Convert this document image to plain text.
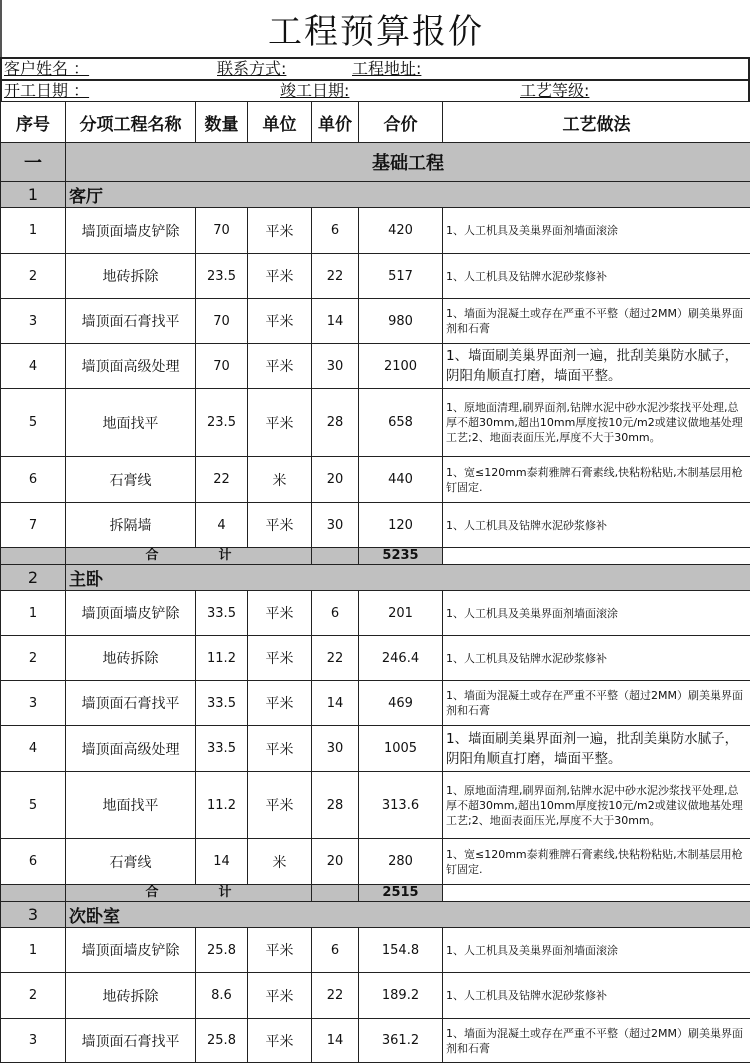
工程预算报价
客户姓名 ：	联系方式:	工程地址:
开工日期 ：	竣工日期:	工艺等级:
序号	分项工程名称	数量	单位	单价	合价	工艺做法
一	基础工程					
1	客厅					
1	墙顶面墙皮铲除	70	平米	6	420	1、人工机具及美巢界面剂墙面滚涂
2	地砖拆除	23.5	平米	22	517	1、人工机具及钻牌水泥砂浆修补
3	墙顶面石膏找平	70	平米	14	980	1、墙面为混凝土或存在严重不平整（超过2MM）刷美巢界面剂和石膏
4	墙顶面高级处理	70	平米	30	2100	1、墙面刷美巢界面剂一遍，批刮美巢防水腻子，阴阳角顺直打磨，墙面平整。
5	地面找平	23.5	平米	28	658	1、原地面清理,刷界面剂,钻牌水泥中砂水泥沙浆找平处理,总厚不超30mm,超出10mm厚度按10元/m2或建议做地基处理工艺;2、地面表面压光,厚度不大于30mm。
6	石膏线	22	米	20	440	1、宽≤120mm泰莉雅牌石膏素线,快粘粉粘贴,木制基层用枪钉固定.
7	拆隔墙	4	平米	30	120	1、人工机具及钻牌水泥砂浆修补
	合 计				5235	
2	主卧					
1	墙顶面墙皮铲除	33.5	平米	6	201	1、人工机具及美巢界面剂墙面滚涂
2	地砖拆除	11.2	平米	22	246.4	1、人工机具及钻牌水泥砂浆修补
3	墙顶面石膏找平	33.5	平米	14	469	1、墙面为混凝土或存在严重不平整（超过2MM）刷美巢界面剂和石膏
4	墙顶面高级处理	33.5	平米	30	1005	1、墙面刷美巢界面剂一遍，批刮美巢防水腻子，阴阳角顺直打磨，墙面平整。
5	地面找平	11.2	平米	28	313.6	1、原地面清理,刷界面剂,钻牌水泥中砂水泥沙浆找平处理,总厚不超30mm,超出10mm厚度按10元/m2或建议做地基处理工艺;2、地面表面压光,厚度不大于30mm。
6	石膏线	14	米	20	280	1、宽≤120mm泰莉雅牌石膏素线,快粘粉粘贴,木制基层用枪钉固定.
	合 计				2515	
3	次卧室					
1	墙顶面墙皮铲除	25.8	平米	6	154.8	1、人工机具及美巢界面剂墙面滚涂
2	地砖拆除	8.6	平米	22	189.2	1、人工机具及钻牌水泥砂浆修补
3	墙顶面石膏找平	25.8	平米	14	361.2	1、墙面为混凝土或存在严重不平整（超过2MM）刷美巢界面剂和石膏
